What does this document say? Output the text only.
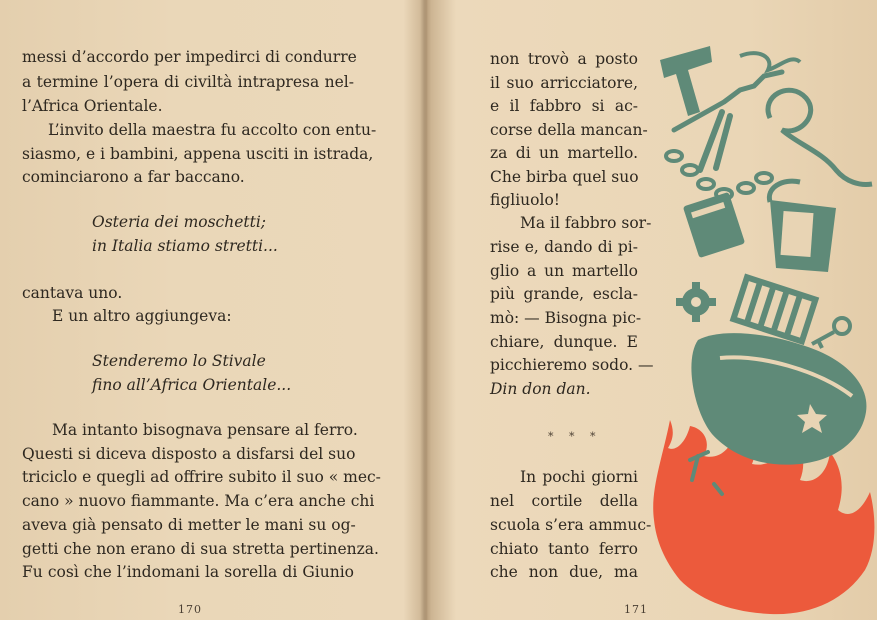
messi d’accordo per impedirci di condurre
a termine l’opera di civiltà intrapresa nel-
l’Africa Orientale.
L’invito della maestra fu accolto con entu-
siasmo, e i bambini, appena usciti in istrada,
cominciarono a far baccano.
Osteria dei moschetti;
in Italia stiamo stretti...
cantava uno.
E un altro aggiungeva:
Stenderemo lo Stivale
fino all’Africa Orientale...
Ma intanto bisognava pensare al ferro.
Questi si diceva disposto a disfarsi del suo
triciclo e quegli ad offrire subito il suo « mec-
cano » nuovo fiammante. Ma c’era anche chi
aveva già pensato di metter le mani su og-
getti che non erano di sua stretta pertinenza.
Fu così che l’indomani la sorella di Giunio
170
non trovò a posto
il suo arricciatore,
e il fabbro si ac-
corse della mancan-
za di un martello.
Che birba quel suo
figliuolo!
Ma il fabbro sor-
rise e, dando di pi-
glio a un martello
più grande, escla-
mò: — Bisogna pic-
chiare, dunque. E
picchieremo sodo. —
Din don dan.
* * *
In pochi giorni
nel cortile della
scuola s’era ammuc-
chiato tanto ferro
che non due, ma
171
